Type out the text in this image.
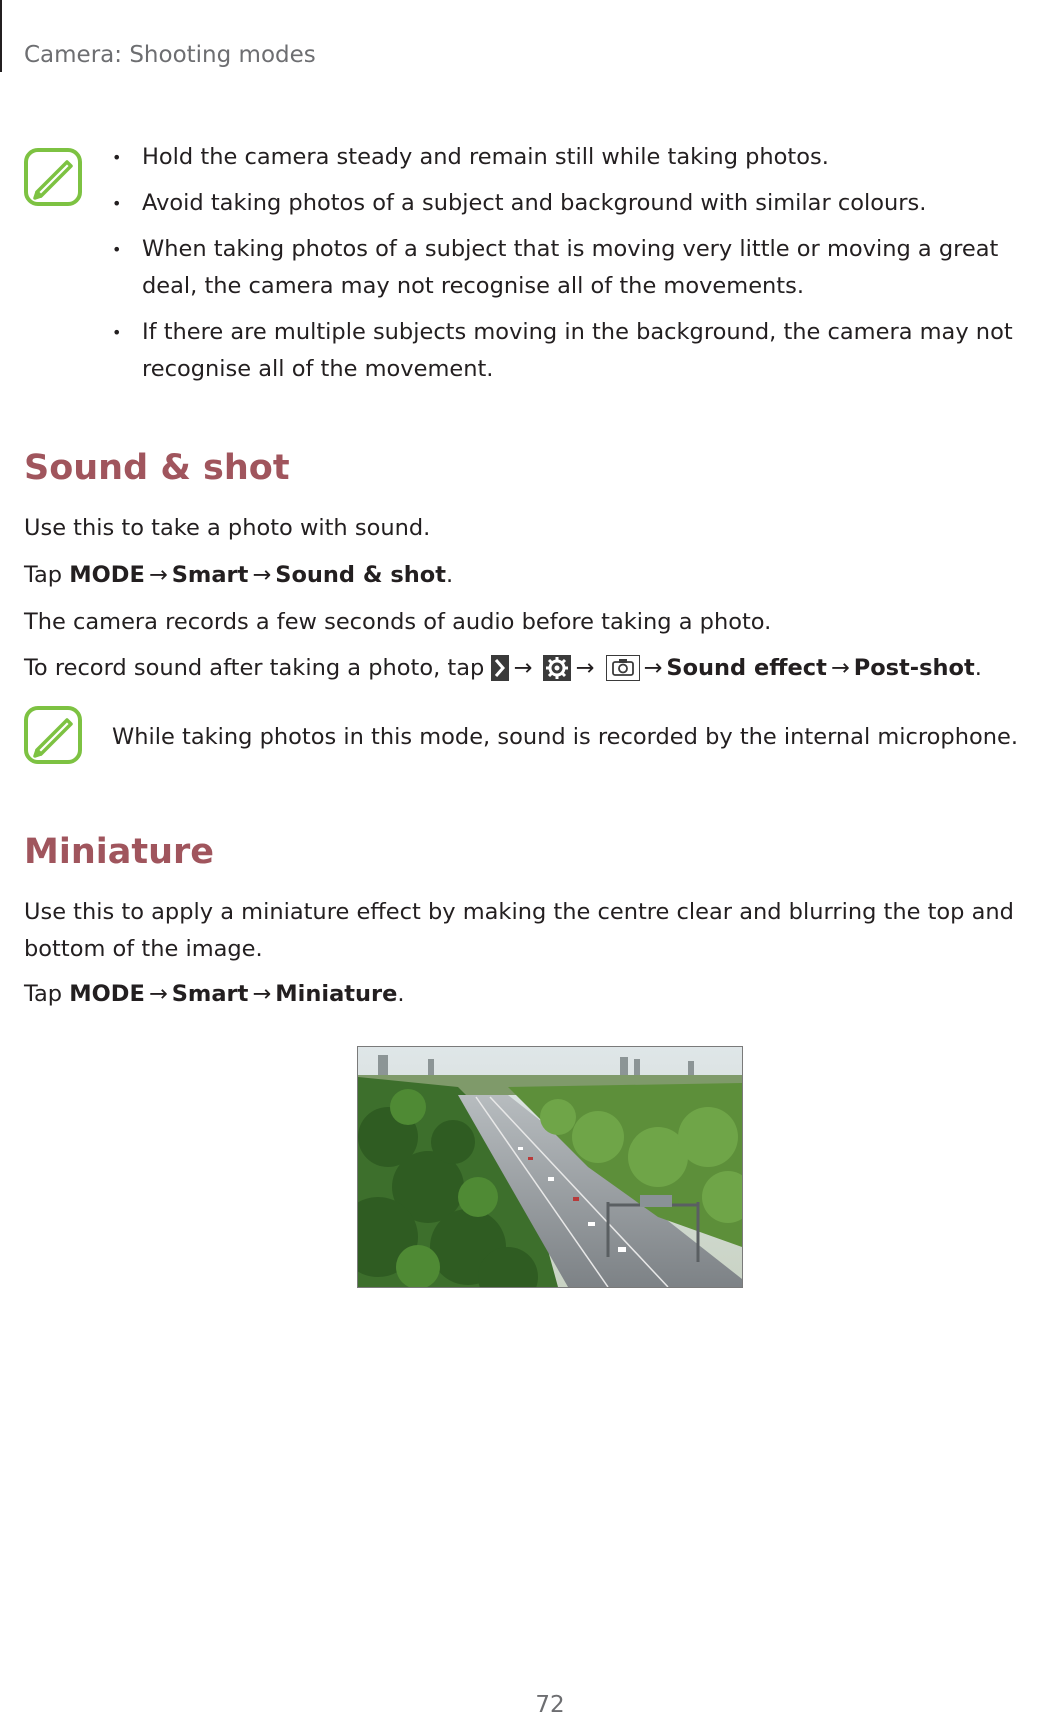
Camera: Shooting modes
• Hold the camera steady and remain still while taking photos.
• Avoid taking photos of a subject and background with similar colours.
• When taking photos of a subject that is moving very little or moving a great deal, the camera may not recognise all of the movements.
• If there are multiple subjects moving in the background, the camera may not recognise all of the movement.
Sound & shot
Use this to take a photo with sound.
Tap MODE → Smart → Sound & shot.
The camera records a few seconds of audio before taking a photo.
To record sound after taking a photo, tap → → → Sound effect → Post-shot.
While taking photos in this mode, sound is recorded by the internal microphone.
Miniature
Use this to apply a miniature effect by making the centre clear and blurring the top and bottom of the image.
Tap MODE → Smart → Miniature.
72
